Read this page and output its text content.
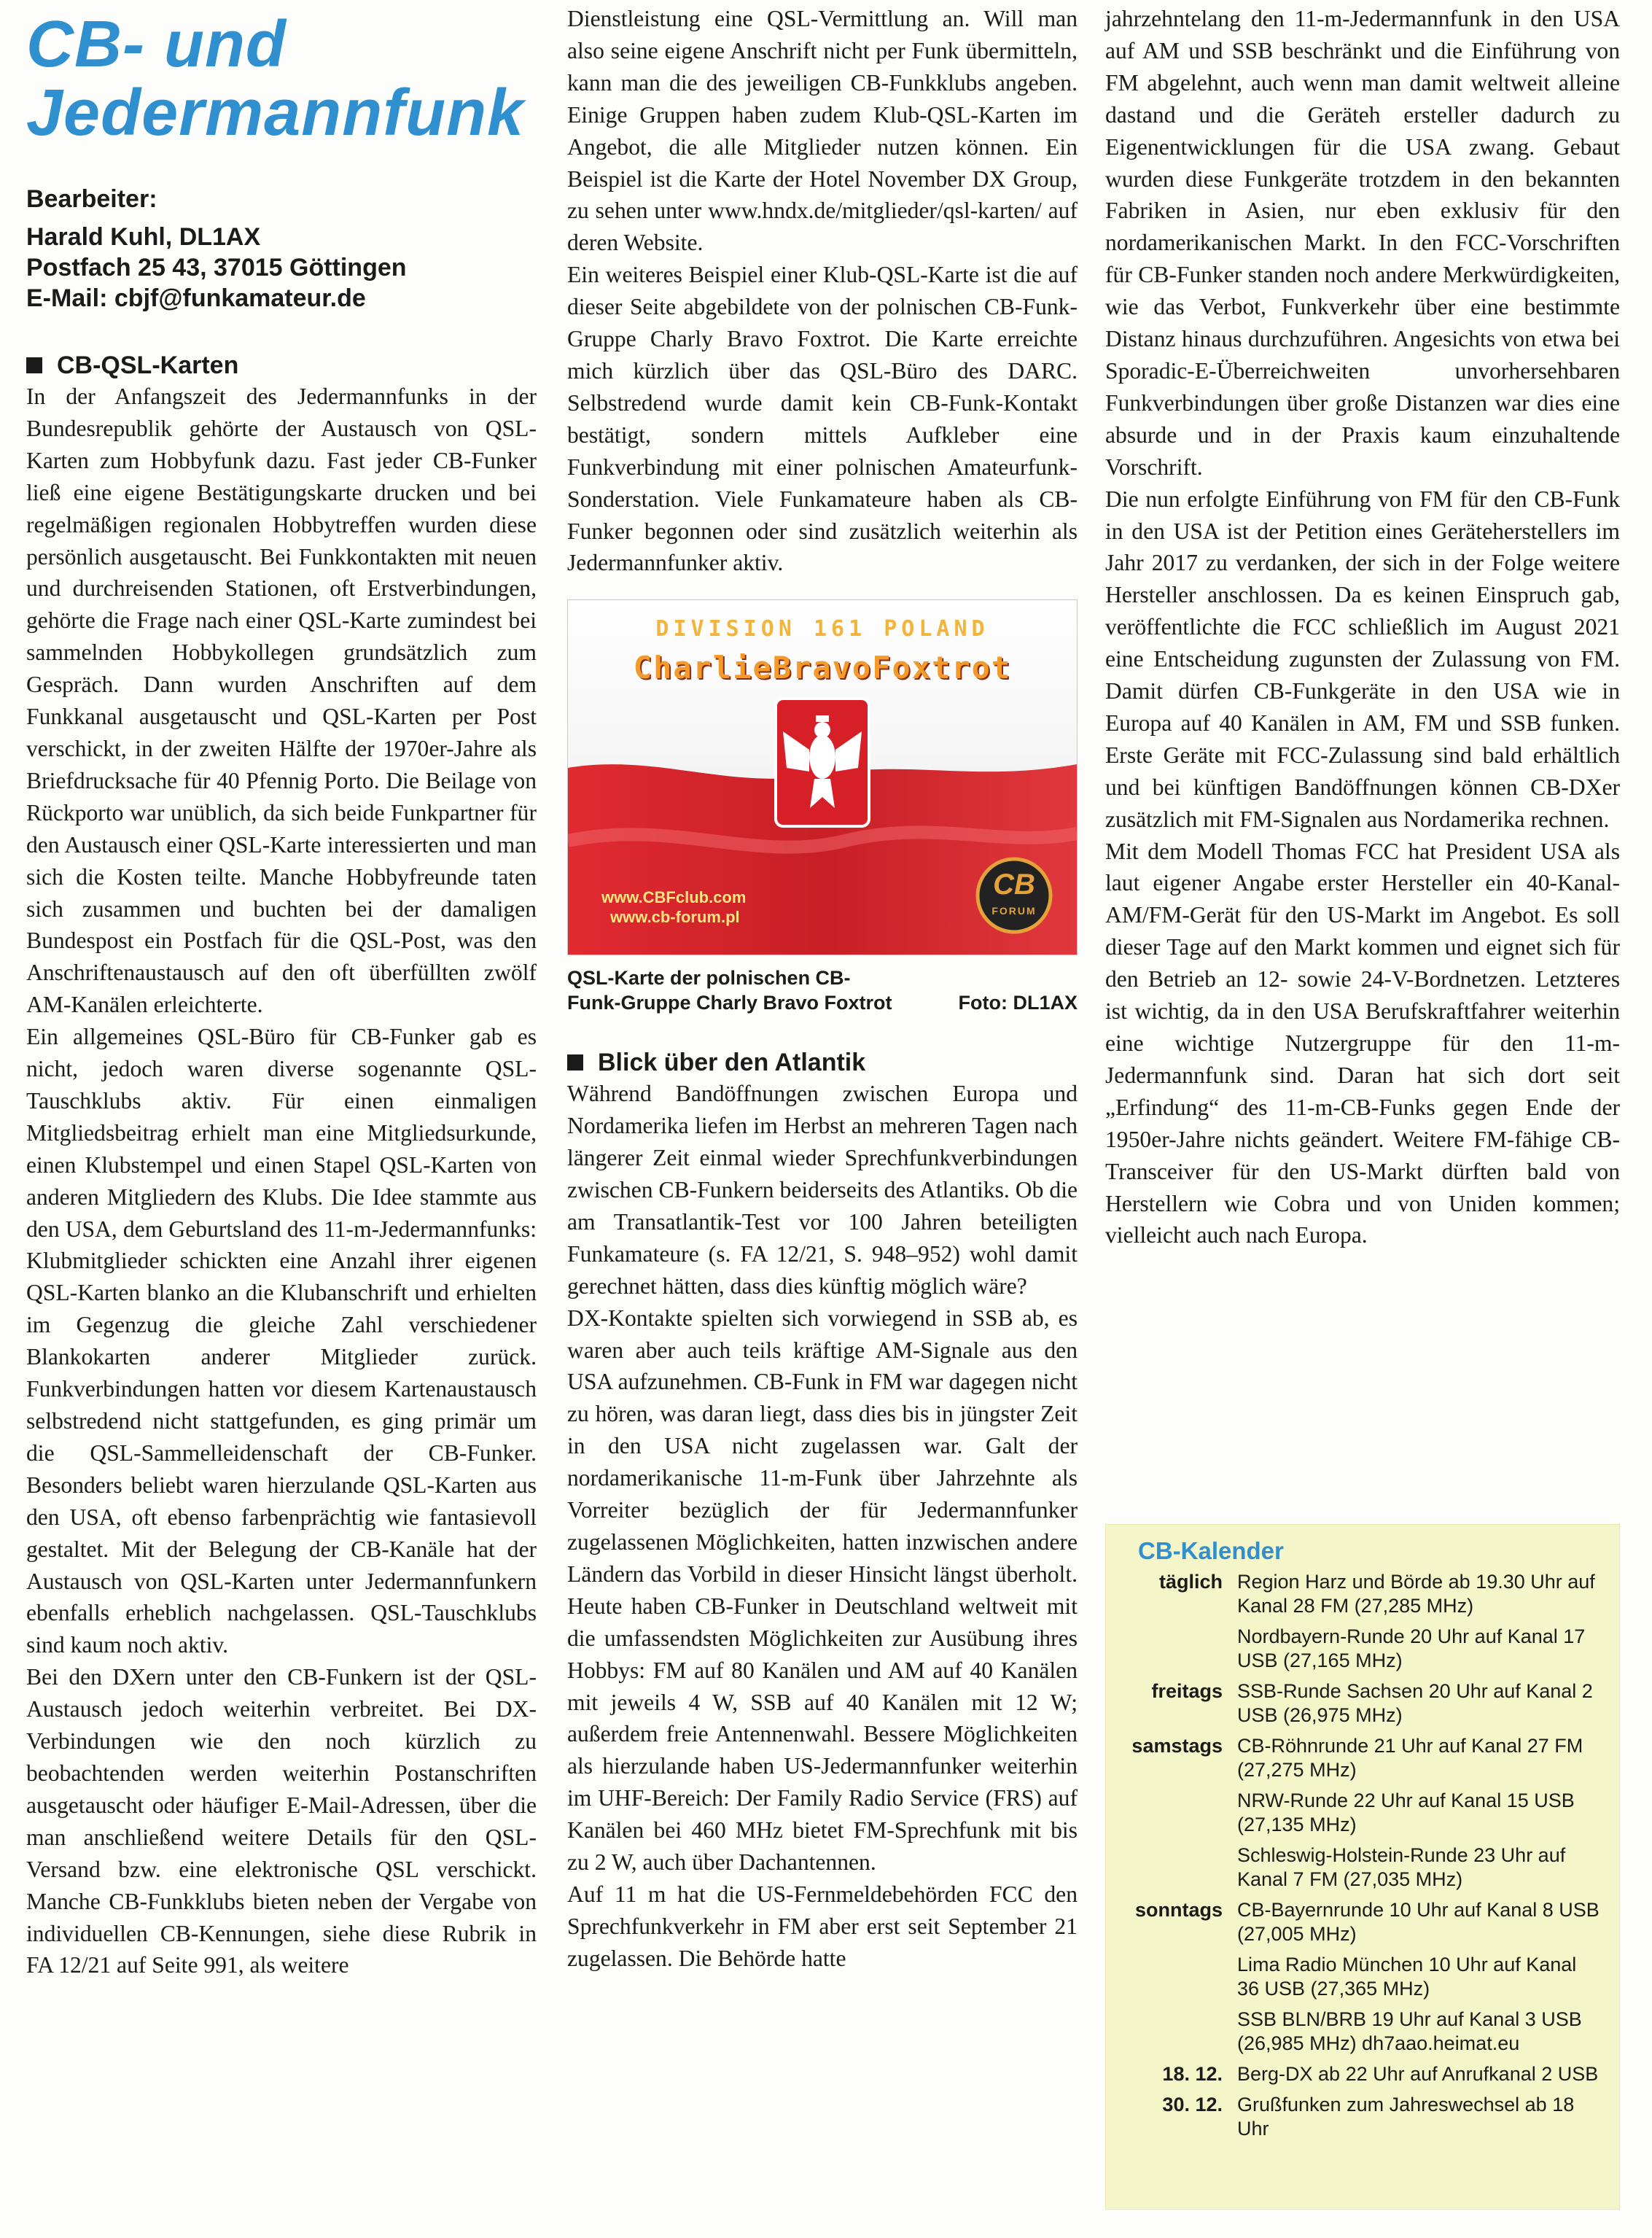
CB- und
Jedermannfunk
Bearbeiter:
Harald Kuhl, DL1AX
Postfach 25 43, 37015 Göttingen
E-Mail: cbjf@funkamateur.de
CB-QSL-Karten

In der Anfangszeit des Jedermannfunks in der Bundesrepublik gehörte der Austausch von QSL-Karten zum Hobbyfunk dazu. Fast jeder CB-Funker ließ eine eigene Bestätigungskarte drucken und bei regelmäßigen regionalen Hobbytreffen wurden diese persönlich ausgetauscht. Bei Funkkontakten mit neuen und durchreisenden Stationen, oft Erstverbindungen, gehörte die Frage nach einer QSL-Karte zumindest bei sammelnden Hobbykollegen grundsätzlich zum Gespräch. Dann wurden Anschriften auf dem Funkkanal ausgetauscht und QSL-Karten per Post verschickt, in der zweiten Hälfte der 1970er-Jahre als Briefdrucksache für 40 Pfennig Porto. Die Beilage von Rückporto war unüblich, da sich beide Funkpartner für den Austausch einer QSL-Karte interessierten und man sich die Kosten teilte. Manche Hobbyfreunde taten sich zusammen und buchten bei der damaligen Bundespost ein Postfach für die QSL-Post, was den Anschriftenaustausch auf den oft überfüllten zwölf AM-Kanälen erleichterte.

Ein allgemeines QSL-Büro für CB-Funker gab es nicht, jedoch waren diverse sogenannte QSL-Tauschklubs aktiv. Für einen einmaligen Mitgliedsbeitrag erhielt man eine Mitgliedsurkunde, einen Klubstempel und einen Stapel QSL-Karten von anderen Mitgliedern des Klubs. Die Idee stammte aus den USA, dem Geburtsland des 11-m-Jedermannfunks: Klubmitglieder schickten eine Anzahl ihrer eigenen QSL-Karten blanko an die Klubanschrift und erhielten im Gegenzug die gleiche Zahl verschiedener Blankokarten anderer Mitglieder zurück. Funkverbindungen hatten vor diesem Kartenaustausch selbstredend nicht stattgefunden, es ging primär um die QSL-Sammelleidenschaft der CB-Funker. Besonders beliebt waren hierzulande QSL-Karten aus den USA, oft ebenso farbenprächtig wie fantasievoll gestaltet. Mit der Belegung der CB-Kanäle hat der Austausch von QSL-Karten unter Jedermannfunkern ebenfalls erheblich nachgelassen. QSL-Tauschklubs sind kaum noch aktiv.

Bei den DXern unter den CB-Funkern ist der QSL-Austausch jedoch weiterhin verbreitet. Bei DX-Verbindungen wie den noch kürzlich zu beobachtenden werden weiterhin Postanschriften ausgetauscht oder häufiger E-Mail-Adressen, über die man anschließend weitere Details für den QSL-Versand bzw. eine elektronische QSL verschickt. Manche CB-Funkklubs bieten neben der Vergabe von individuellen CB-Kennungen, siehe diese Rubrik in FA 12/21 auf Seite 991, als weitere

Dienstleistung eine QSL-Vermittlung an. Will man also seine eigene Anschrift nicht per Funk übermitteln, kann man die des jeweiligen CB-Funkklubs angeben. Einige Gruppen haben zudem Klub-QSL-Karten im Angebot, die alle Mitglieder nutzen können. Ein Beispiel ist die Karte der Hotel November DX Group, zu sehen unter www.hndx.de/mitglieder/qsl-karten/ auf deren Website.

Ein weiteres Beispiel einer Klub-QSL-Karte ist die auf dieser Seite abgebildete von der polnischen CB-Funk-Gruppe Charly Bravo Foxtrot. Die Karte erreichte mich kürzlich über das QSL-Büro des DARC. Selbstredend wurde damit kein CB-Funk-Kontakt bestätigt, sondern mittels Aufkleber eine Funkverbindung mit einer polnischen Amateurfunk-Sonderstation. Viele Funkamateure haben als CB-Funker begonnen oder sind zusätzlich weiterhin als Jedermannfunker aktiv.

DIVISION 161 POLAND
CharlieBravoFoxtrot
www.CBFclub.com
www.cb-forum.pl
CB
FORUM
QSL-Karte der polnischen CB-Funk-Gruppe Charly Bravo Foxtrot	Foto: DL1AX
Blick über den Atlantik

Während Bandöffnungen zwischen Europa und Nordamerika liefen im Herbst an mehreren Tagen nach längerer Zeit einmal wieder Sprechfunkverbindungen zwischen CB-Funkern beiderseits des Atlantiks. Ob die am Transatlantik-Test vor 100 Jahren beteiligten Funkamateure (s. FA 12/21, S. 948–952) wohl damit gerechnet hätten, dass dies künftig möglich wäre?

DX-Kontakte spielten sich vorwiegend in SSB ab, es waren aber auch teils kräftige AM-Signale aus den USA aufzunehmen. CB-Funk in FM war dagegen nicht zu hören, was daran liegt, dass dies bis in jüngster Zeit in den USA nicht zugelassen war. Galt der nordamerikanische 11-m-Funk über Jahrzehnte als Vorreiter bezüglich der für Jedermannfunker zugelassenen Möglichkeiten, hatten inzwischen andere Ländern das Vorbild in dieser Hinsicht längst überholt. Heute haben CB-Funker in Deutschland weltweit mit die umfassendsten Möglichkeiten zur Ausübung ihres Hobbys: FM auf 80 Kanälen und AM auf 40 Kanälen mit jeweils 4 W, SSB auf 40 Kanälen mit 12 W; außerdem freie Antennenwahl. Bessere Möglichkeiten als hierzulande haben US-Jedermannfunker weiterhin im UHF-Bereich: Der Family Radio Service (FRS) auf Kanälen bei 460 MHz bietet FM-Sprechfunk mit bis zu 2 W, auch über Dachantennen.

Auf 11 m hat die US-Fernmeldebehörden FCC den Sprechfunkverkehr in FM aber erst seit September 21 zugelassen. Die Behörde hatte

jahrzehntelang den 11-m-Jedermannfunk in den USA auf AM und SSB beschränkt und die Einführung von FM abgelehnt, auch wenn man damit weltweit alleine dastand und die Geräteh ersteller dadurch zu Eigenentwicklungen für die USA zwang. Gebaut wurden diese Funkgeräte trotzdem in den bekannten Fabriken in Asien, nur eben exklusiv für den nordamerikanischen Markt. In den FCC-Vorschriften für CB-Funker standen noch andere Merkwürdigkeiten, wie das Verbot, Funkverkehr über eine bestimmte Distanz hinaus durchzuführen. Angesichts von etwa bei Sporadic-E-Überreichweiten unvorhersehbaren Funkverbindungen über große Distanzen war dies eine absurde und in der Praxis kaum einzuhaltende Vorschrift.

Die nun erfolgte Einführung von FM für den CB-Funk in den USA ist der Petition eines Geräteherstellers im Jahr 2017 zu verdanken, der sich in der Folge weitere Hersteller anschlossen. Da es keinen Einspruch gab, veröffentlichte die FCC schließlich im August 2021 eine Entscheidung zugunsten der Zulassung von FM. Damit dürfen CB-Funkgeräte in den USA wie in Europa auf 40 Kanälen in AM, FM und SSB funken. Erste Geräte mit FCC-Zulassung sind bald erhältlich und bei künftigen Bandöffnungen können CB-DXer zusätzlich mit FM-Signalen aus Nordamerika rechnen.

Mit dem Modell Thomas FCC hat President USA als laut eigener Angabe erster Hersteller ein 40-Kanal-AM/FM-Gerät für den US-Markt im Angebot. Es soll dieser Tage auf den Markt kommen und eignet sich für den Betrieb an 12- sowie 24-V-Bordnetzen. Letzteres ist wichtig, da in den USA Berufskraftfahrer weiterhin eine wichtige Nutzergruppe für den 11-m-Jedermannfunk sind. Daran hat sich dort seit „Erfindung“ des 11-m-CB-Funks gegen Ende der 1950er-Jahre nichts geändert. Weitere FM-fähige CB-Transceiver für den US-Markt dürften bald von Herstellern wie Cobra und von Uniden kommen; vielleicht auch nach Europa.

CB-Kalender
täglich Region Harz und Börde ab 19.30 Uhr auf Kanal 28 FM (27,285 MHz)
Nordbayern-Runde 20 Uhr auf Kanal 17 USB (27,165 MHz)
freitags SSB-Runde Sachsen 20 Uhr auf Kanal 2 USB (26,975 MHz)
samstags CB-Röhnrunde 21 Uhr auf Kanal 27 FM (27,275 MHz)
NRW-Runde 22 Uhr auf Kanal 15 USB (27,135 MHz)
Schleswig-Holstein-Runde 23 Uhr auf Kanal 7 FM (27,035 MHz)
sonntags CB-Bayernrunde 10 Uhr auf Kanal 8 USB (27,005 MHz)
Lima Radio München 10 Uhr auf Kanal 36 USB (27,365 MHz)
SSB BLN/BRB 19 Uhr auf Kanal 3 USB (26,985 MHz) dh7aao.heimat.eu
18. 12. Berg-DX ab 22 Uhr auf Anrufkanal 2 USB
30. 12. Grußfunken zum Jahreswechsel ab 18 Uhr
